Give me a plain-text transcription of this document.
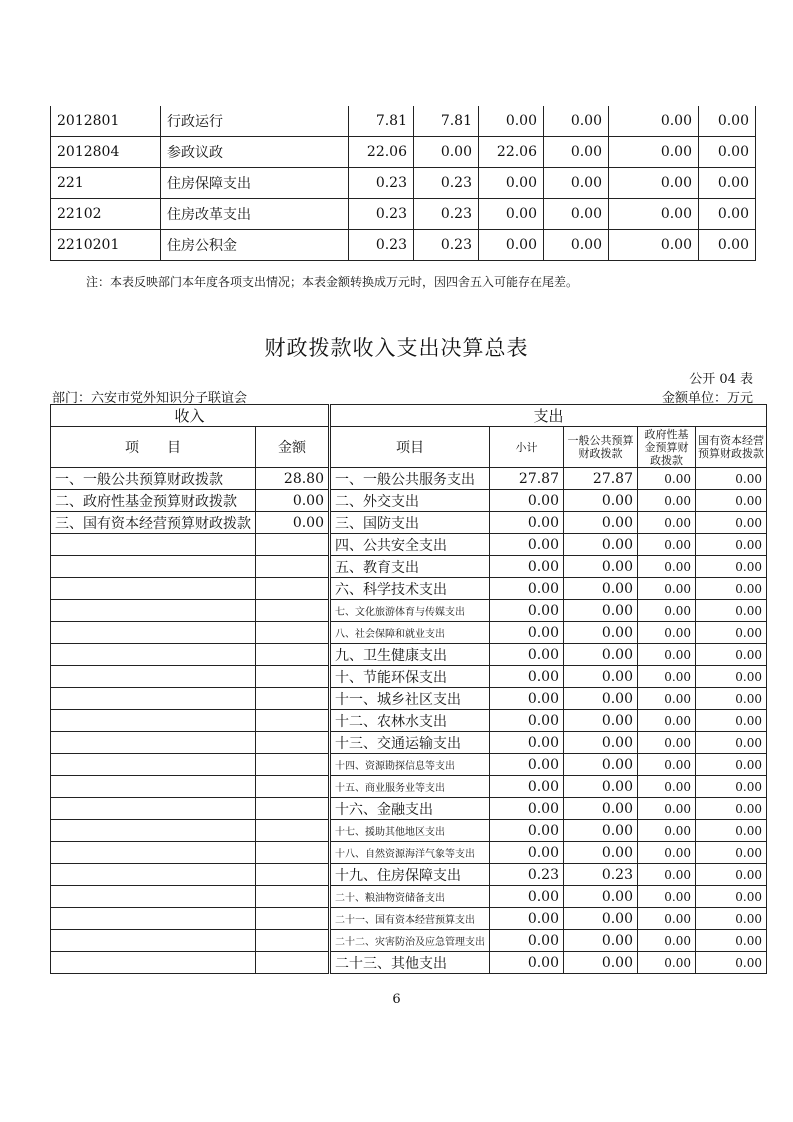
2012801	行政运行	7.81	7.81	0.00	0.00	0.00	0.00
2012804	参政议政	22.06	0.00	22.06	0.00	0.00	0.00
221	住房保障支出	0.23	0.23	0.00	0.00	0.00	0.00
22102	住房改革支出	0.23	0.23	0.00	0.00	0.00	0.00
2210201	住房公积金	0.23	0.23	0.00	0.00	0.00	0.00
注：本表反映部门本年度各项支出情况；本表金额转换成万元时，因四舍五入可能存在尾差。
财政拨款收入支出决算总表
公开 04 表
部门：六安市党外知识分子联谊会	金额单位：万元
收入		支出				
项　　目	金额	项目	小计	一般公共预算财政拨款	政府性基金预算财政拨款	国有资本经营预算财政拨款
一、一般公共预算财政拨款	28.80	一、一般公共服务支出	27.87	27.87	0.00	0.00
二、政府性基金预算财政拨款	0.00	二、外交支出	0.00	0.00	0.00	0.00
三、国有资本经营预算财政拨款	0.00	三、国防支出	0.00	0.00	0.00	0.00
		四、公共安全支出	0.00	0.00	0.00	0.00
		五、教育支出	0.00	0.00	0.00	0.00
		六、科学技术支出	0.00	0.00	0.00	0.00
		七、文化旅游体育与传媒支出	0.00	0.00	0.00	0.00
		八、社会保障和就业支出	0.00	0.00	0.00	0.00
		九、卫生健康支出	0.00	0.00	0.00	0.00
		十、节能环保支出	0.00	0.00	0.00	0.00
		十一、城乡社区支出	0.00	0.00	0.00	0.00
		十二、农林水支出	0.00	0.00	0.00	0.00
		十三、交通运输支出	0.00	0.00	0.00	0.00
		十四、资源勘探信息等支出	0.00	0.00	0.00	0.00
		十五、商业服务业等支出	0.00	0.00	0.00	0.00
		十六、金融支出	0.00	0.00	0.00	0.00
		十七、援助其他地区支出	0.00	0.00	0.00	0.00
		十八、自然资源海洋气象等支出	0.00	0.00	0.00	0.00
		十九、住房保障支出	0.23	0.23	0.00	0.00
		二十、粮油物资储备支出	0.00	0.00	0.00	0.00
		二十一、国有资本经营预算支出	0.00	0.00	0.00	0.00
		二十二、灾害防治及应急管理支出	0.00	0.00	0.00	0.00
		二十三、其他支出	0.00	0.00	0.00	0.00
6
